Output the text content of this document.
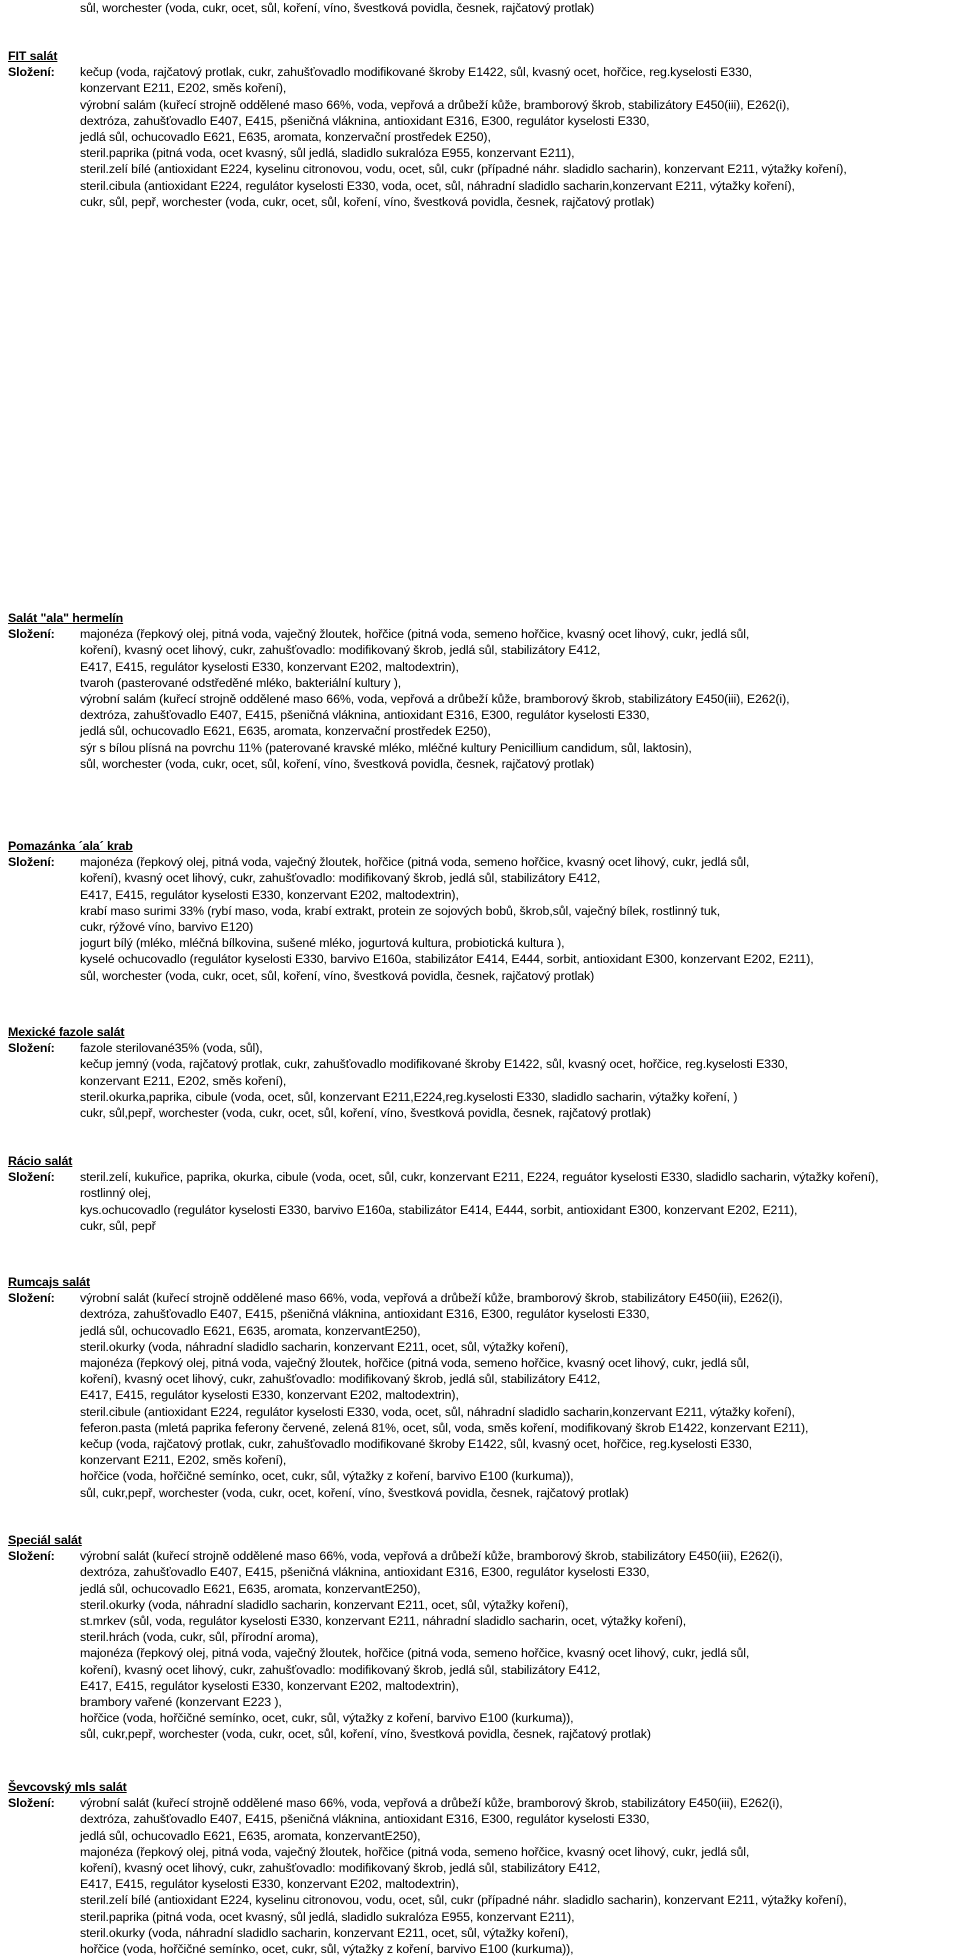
sůl, worchester (voda, cukr, ocet, sůl, koření, víno, švestková povidla, česnek, rajčatový protlak)
FIT salát
Složení: kečup (voda, rajčatový protlak, cukr, zahušťovadlo modifikované škroby E1422, sůl, kvasný ocet, hořčice, reg.kyselosti E330,
konzervant E211, E202, směs koření),
výrobní salám (kuřecí strojně oddělené maso 66%, voda, vepřová a drůbeží kůže, bramborový škrob, stabilizátory E450(iii), E262(i),
dextróza, zahušťovadlo E407, E415, pšeničná vláknina, antioxidant E316, E300, regulátor kyselosti E330,
jedlá sůl, ochucovadlo E621, E635, aromata, konzervační prostředek E250),
steril.paprika (pitná voda, ocet kvasný, sůl jedlá, sladidlo sukralóza E955, konzervant E211),
steril.zelí bílé (antioxidant E224, kyselinu citronovou, vodu, ocet, sůl, cukr (případné náhr. sladidlo sacharin), konzervant E211, výtažky koření),
steril.cibula (antioxidant E224, regulátor kyselosti E330, voda, ocet, sůl, náhradní sladidlo sacharin,konzervant E211, výtažky koření),
cukr, sůl, pepř, worchester (voda, cukr, ocet, sůl, koření, víno, švestková povidla, česnek, rajčatový protlak)
Salát "ala" hermelín
Složení: majonéza (řepkový olej, pitná voda, vaječný žloutek, hořčice (pitná voda, semeno hořčice, kvasný ocet lihový, cukr, jedlá sůl,
koření), kvasný ocet lihový, cukr, zahušťovadlo: modifikovaný škrob, jedlá sůl, stabilizátory E412,
E417, E415, regulátor kyselosti E330, konzervant E202, maltodextrin),
tvaroh (pasterované odstředěné mléko, bakteriální kultury ),
výrobní salám (kuřecí strojně oddělené maso 66%, voda, vepřová a drůbeží kůže, bramborový škrob, stabilizátory E450(iii), E262(i),
dextróza, zahušťovadlo E407, E415, pšeničná vláknina, antioxidant E316, E300, regulátor kyselosti E330,
jedlá sůl, ochucovadlo E621, E635, aromata, konzervační prostředek E250),
sýr s bílou plísná na povrchu 11% (paterované kravské mléko, mléčné kultury Penicillium candidum, sůl, laktosin),
sůl, worchester (voda, cukr, ocet, sůl, koření, víno, švestková povidla, česnek, rajčatový protlak)
Pomazánka ´ala´ krab
Složení: majonéza (řepkový olej, pitná voda, vaječný žloutek, hořčice (pitná voda, semeno hořčice, kvasný ocet lihový, cukr, jedlá sůl,
koření), kvasný ocet lihový, cukr, zahušťovadlo: modifikovaný škrob, jedlá sůl, stabilizátory E412,
E417, E415, regulátor kyselosti E330, konzervant E202, maltodextrin),
krabí maso surimi 33% (rybí maso, voda, krabí extrakt, protein ze sojových bobů, škrob,sůl, vaječný bílek, rostlinný tuk,
cukr, rýžové víno, barvivo E120)
jogurt bílý (mléko, mléčná bílkovina, sušené mléko, jogurtová kultura, probiotická kultura ),
kyselé ochucovadlo (regulátor kyselosti E330, barvivo E160a, stabilizátor E414, E444, sorbit, antioxidant E300, konzervant E202, E211),
sůl, worchester (voda, cukr, ocet, sůl, koření, víno, švestková povidla, česnek, rajčatový protlak)
Mexické fazole salát
Složení: fazole sterilované35% (voda, sůl),
kečup jemný (voda, rajčatový protlak, cukr, zahušťovadlo modifikované škroby E1422, sůl, kvasný ocet, hořčice, reg.kyselosti E330,
konzervant E211, E202, směs koření),
steril.okurka,paprika, cibule (voda, ocet, sůl, konzervant E211,E224,reg.kyselosti E330, sladidlo sacharin, výtažky koření, )
cukr, sůl,pepř, worchester (voda, cukr, ocet, sůl, koření, víno, švestková povidla, česnek, rajčatový protlak)
Rácio salát
Složení: steril.zelí, kukuřice, paprika, okurka, cibule (voda, ocet, sůl, cukr, konzervant E211, E224, reguátor kyselosti E330, sladidlo sacharin, výtažky koření),
rostlinný olej,
kys.ochucovadlo (regulátor kyselosti E330, barvivo E160a, stabilizátor E414, E444, sorbit, antioxidant E300, konzervant E202, E211),
cukr, sůl, pepř
Rumcajs salát
Složení: výrobní salát (kuřecí strojně oddělené maso 66%, voda, vepřová a drůbeží kůže, bramborový škrob, stabilizátory E450(iii), E262(i),
dextróza, zahušťovadlo E407, E415, pšeničná vláknina, antioxidant E316, E300, regulátor kyselosti E330,
jedlá sůl, ochucovadlo E621, E635, aromata, konzervantE250),
steril.okurky (voda, náhradní sladidlo sacharin, konzervant E211, ocet, sůl, výtažky koření),
majonéza (řepkový olej, pitná voda, vaječný žloutek, hořčice (pitná voda, semeno hořčice, kvasný ocet lihový, cukr, jedlá sůl,
koření), kvasný ocet lihový, cukr, zahušťovadlo: modifikovaný škrob, jedlá sůl, stabilizátory E412,
E417, E415, regulátor kyselosti E330, konzervant E202, maltodextrin),
steril.cibule (antioxidant E224, regulátor kyselosti E330, voda, ocet, sůl, náhradní sladidlo sacharin,konzervant E211, výtažky koření),
feferon.pasta (mletá paprika feferony červené, zelená 81%, ocet, sůl, voda, směs koření, modifikovaný škrob E1422, konzervant E211),
kečup (voda, rajčatový protlak, cukr, zahušťovadlo modifikované škroby E1422, sůl, kvasný ocet, hořčice, reg.kyselosti E330,
konzervant E211, E202, směs koření),
hořčice (voda, hořčičné semínko, ocet, cukr, sůl, výtažky z koření, barvivo E100 (kurkuma)),
sůl, cukr,pepř, worchester (voda, cukr, ocet, koření, víno, švestková povidla, česnek, rajčatový protlak)
Speciál salát
Složení: výrobní salát (kuřecí strojně oddělené maso 66%, voda, vepřová a drůbeží kůže, bramborový škrob, stabilizátory E450(iii), E262(i),
dextróza, zahušťovadlo E407, E415, pšeničná vláknina, antioxidant E316, E300, regulátor kyselosti E330,
jedlá sůl, ochucovadlo E621, E635, aromata, konzervantE250),
steril.okurky (voda, náhradní sladidlo sacharin, konzervant E211, ocet, sůl, výtažky koření),
st.mrkev (sůl, voda, regulátor kyselosti E330, konzervant E211, náhradní sladidlo sacharin, ocet, výtažky koření),
steril.hrách (voda, cukr, sůl, přírodní aroma),
majonéza (řepkový olej, pitná voda, vaječný žloutek, hořčice (pitná voda, semeno hořčice, kvasný ocet lihový, cukr, jedlá sůl,
koření), kvasný ocet lihový, cukr, zahušťovadlo: modifikovaný škrob, jedlá sůl, stabilizátory E412,
E417, E415, regulátor kyselosti E330, konzervant E202, maltodextrin),
brambory vařené (konzervant E223 ),
hořčice (voda, hořčičné semínko, ocet, cukr, sůl, výtažky z koření, barvivo E100 (kurkuma)),
sůl, cukr,pepř, worchester (voda, cukr, ocet, sůl, koření, víno, švestková povidla, česnek, rajčatový protlak)
Ševcovský mls salát
Složení: výrobní salát (kuřecí strojně oddělené maso 66%, voda, vepřová a drůbeží kůže, bramborový škrob, stabilizátory E450(iii), E262(i),
dextróza, zahušťovadlo E407, E415, pšeničná vláknina, antioxidant E316, E300, regulátor kyselosti E330,
jedlá sůl, ochucovadlo E621, E635, aromata, konzervantE250),
majonéza (řepkový olej, pitná voda, vaječný žloutek, hořčice (pitná voda, semeno hořčice, kvasný ocet lihový, cukr, jedlá sůl,
koření), kvasný ocet lihový, cukr, zahušťovadlo: modifikovaný škrob, jedlá sůl, stabilizátory E412,
E417, E415, regulátor kyselosti E330, konzervant E202, maltodextrin),
steril.zelí bílé (antioxidant E224, kyselinu citronovou, vodu, ocet, sůl, cukr (případné náhr. sladidlo sacharin), konzervant E211, výtažky koření),
steril.paprika (pitná voda, ocet kvasný, sůl jedlá, sladidlo sukralóza E955, konzervant E211),
steril.okurky (voda, náhradní sladidlo sacharin, konzervant E211, ocet, sůl, výtažky koření),
hořčice (voda, hořčičné semínko, ocet, cukr, sůl, výtažky z koření, barvivo E100 (kurkuma)),
